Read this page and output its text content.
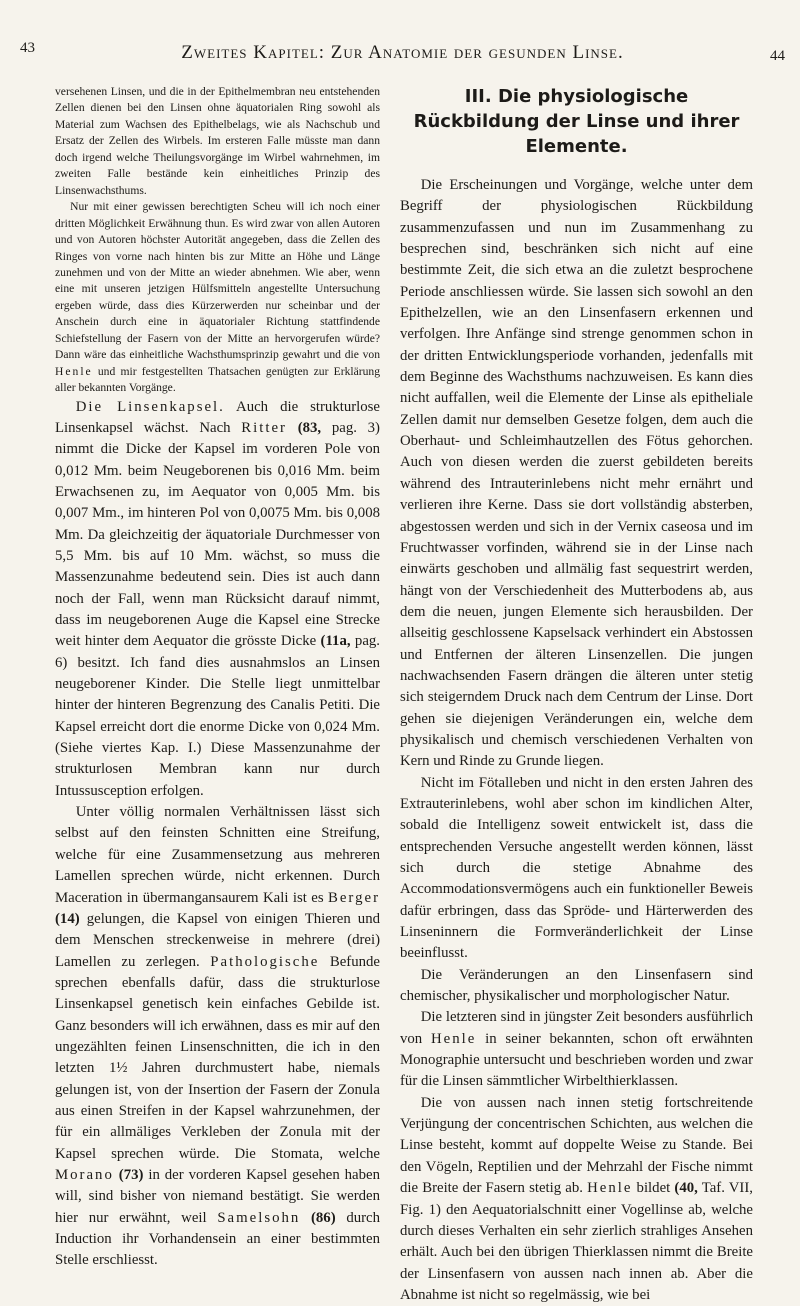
43	Zweites Kapitel: Zur Anatomie der gesunden Linse.	44

versehenen Linsen, und die in der Epithelmembran neu entstehenden Zellen dienen bei den Linsen ohne äquatorialen Ring sowohl als Material zum Wachsen des Epithelbelags, wie als Nachschub und Ersatz der Zellen des Wirbels. Im ersteren Falle müsste man dann doch irgend welche Theilungsvorgänge im Wirbel wahrnehmen, im zweiten Falle bestände kein einheitliches Prinzip des Linsenwachsthums.

Nur mit einer gewissen berechtigten Scheu will ich noch einer dritten Möglichkeit Erwähnung thun. Es wird zwar von allen Autoren und von Autoren höchster Autorität angegeben, dass die Zellen des Ringes von vorne nach hinten bis zur Mitte an Höhe und Länge zunehmen und von der Mitte an wieder abnehmen. Wie aber, wenn eine mit unseren jetzigen Hülfsmitteln angestellte Untersuchung ergeben würde, dass dies Kürzerwerden nur scheinbar und der Anschein durch eine in äquatorialer Richtung stattfindende Schiefstellung der Fasern von der Mitte an hervorgerufen würde? Dann wäre das einheitliche Wachsthumsprinzip gewahrt und die von Henle und mir festgestellten Thatsachen genügten zur Erklärung aller bekannten Vorgänge.

Die Linsenkapsel. Auch die strukturlose Linsenkapsel wächst. Nach Ritter (83, pag. 3) nimmt die Dicke der Kapsel im vorderen Pole von 0,012 Mm. beim Neugeborenen bis 0,016 Mm. beim Erwachsenen zu, im Aequator von 0,005 Mm. bis 0,007 Mm., im hinteren Pol von 0,0075 Mm. bis 0,008 Mm. Da gleichzeitig der äquatoriale Durchmesser von 5,5 Mm. bis auf 10 Mm. wächst, so muss die Massenzunahme bedeutend sein. Dies ist auch dann noch der Fall, wenn man Rücksicht darauf nimmt, dass im neugeborenen Auge die Kapsel eine Strecke weit hinter dem Aequator die grösste Dicke (11a, pag. 6) besitzt. Ich fand dies ausnahmslos an Linsen neugeborener Kinder. Die Stelle liegt unmittelbar hinter der hinteren Begrenzung des Canalis Petiti. Die Kapsel erreicht dort die enorme Dicke von 0,024 Mm. (Siehe viertes Kap. I.) Diese Massenzunahme der strukturlosen Membran kann nur durch Intussusception erfolgen.

Unter völlig normalen Verhältnissen lässt sich selbst auf den feinsten Schnitten eine Streifung, welche für eine Zusammensetzung aus mehreren Lamellen sprechen würde, nicht erkennen. Durch Maceration in übermangansaurem Kali ist es Berger (14) gelungen, die Kapsel von einigen Thieren und dem Menschen streckenweise in mehrere (drei) Lamellen zu zerlegen. Pathologische Befunde sprechen ebenfalls dafür, dass die strukturlose Linsenkapsel genetisch kein einfaches Gebilde ist. Ganz besonders will ich erwähnen, dass es mir auf den ungezählten feinen Linsenschnitten, die ich in den letzten 1½ Jahren durchmustert habe, niemals gelungen ist, von der Insertion der Fasern der Zonula aus einen Streifen in der Kapsel wahrzunehmen, der für ein allmäliges Verkleben der Zonula mit der Kapsel sprechen würde. Die Stomata, welche Morano (73) in der vorderen Kapsel gesehen haben will, sind bisher von niemand bestätigt. Sie werden hier nur erwähnt, weil Samelsohn (86) durch Induction ihr Vorhandensein an einer bestimmten Stelle erschliesst.

III. Die physiologische Rückbildung der Linse und ihrer Elemente.

Die Erscheinungen und Vorgänge, welche unter dem Begriff der physiologischen Rückbildung zusammenzufassen und nun im Zusammenhang zu besprechen sind, beschränken sich nicht auf eine bestimmte Zeit, die sich etwa an die zuletzt besprochene Periode anschliessen würde. Sie lassen sich sowohl an den Epithelzellen, wie an den Linsenfasern erkennen und verfolgen. Ihre Anfänge sind strenge genommen schon in der dritten Entwicklungsperiode vorhanden, jedenfalls mit dem Beginne des Wachsthums nachzuweisen. Es kann dies nicht auffallen, weil die Elemente der Linse als epitheliale Zellen damit nur demselben Gesetze folgen, dem auch die Oberhaut- und Schleimhautzellen des Fötus gehorchen. Auch von diesen werden die zuerst gebildeten bereits während des Intrauterinlebens nicht mehr ernährt und verlieren ihre Kerne. Dass sie dort vollständig absterben, abgestossen werden und sich in der Vernix caseosa und im Fruchtwasser vorfinden, während sie in der Linse nach einwärts geschoben und allmälig fast sequestrirt werden, hängt von der Verschiedenheit des Mutterbodens ab, aus dem die neuen, jungen Elemente sich herausbilden. Der allseitig geschlossene Kapselsack verhindert ein Abstossen und Entfernen der älteren Linsenzellen. Die jungen nachwachsenden Fasern drängen die älteren unter stetig sich steigerndem Druck nach dem Centrum der Linse. Dort gehen sie diejenigen Veränderungen ein, welche dem physikalisch und chemisch verschiedenen Verhalten von Kern und Rinde zu Grunde liegen.

Nicht im Fötalleben und nicht in den ersten Jahren des Extrauterinlebens, wohl aber schon im kindlichen Alter, sobald die Intelligenz soweit entwickelt ist, dass die entsprechenden Versuche angestellt werden können, lässt sich durch die stetige Abnahme des Accommodationsvermögens auch ein funktioneller Beweis dafür erbringen, dass das Spröde- und Härterwerden des Linseninnern die Formveränderlichkeit der Linse beeinflusst.

Die Veränderungen an den Linsenfasern sind chemischer, physikalischer und morphologischer Natur.

Die letzteren sind in jüngster Zeit besonders ausführlich von Henle in seiner bekannten, schon oft erwähnten Monographie untersucht und beschrieben worden und zwar für die Linsen sämmtlicher Wirbelthierklassen.

Die von aussen nach innen stetig fortschreitende Verjüngung der concentrischen Schichten, aus welchen die Linse besteht, kommt auf doppelte Weise zu Stande. Bei den Vögeln, Reptilien und der Mehrzahl der Fische nimmt die Breite der Fasern stetig ab. Henle bildet (40, Taf. VII, Fig. 1) den Aequatorialschnitt einer Vogellinse ab, welche durch dieses Verhalten ein sehr zierlich strahliges Ansehen erhält. Auch bei den übrigen Thierklassen nimmt die Breite der Linsenfasern von aussen nach innen ab. Aber die Abnahme ist nicht so regelmässig, wie bei
